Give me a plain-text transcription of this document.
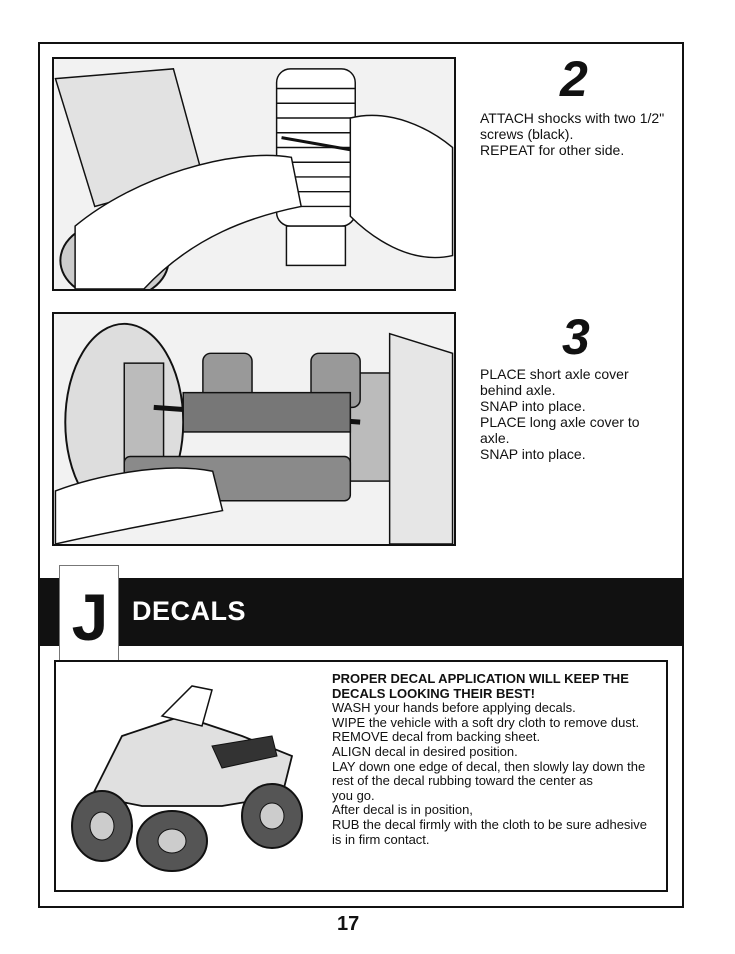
2
ATTACH shocks with two 1/2"
screws (black).
REPEAT for other side.
3
PLACE short axle cover
behind axle.
SNAP into place.
PLACE long axle cover to
axle.
SNAP into place.
DECALS
J
PROPER DECAL APPLICATION WILL KEEP THE
DECALS LOOKING THEIR BEST!
WASH your hands before applying decals.
WIPE the vehicle with a soft dry cloth to remove dust.
REMOVE decal from backing sheet.
ALIGN decal in desired position.
LAY down one edge of decal, then slowly lay down the
rest of the decal rubbing toward the center as
you go.
After decal is in position,
RUB the decal firmly with the cloth to be sure adhesive
is in firm contact.
17
